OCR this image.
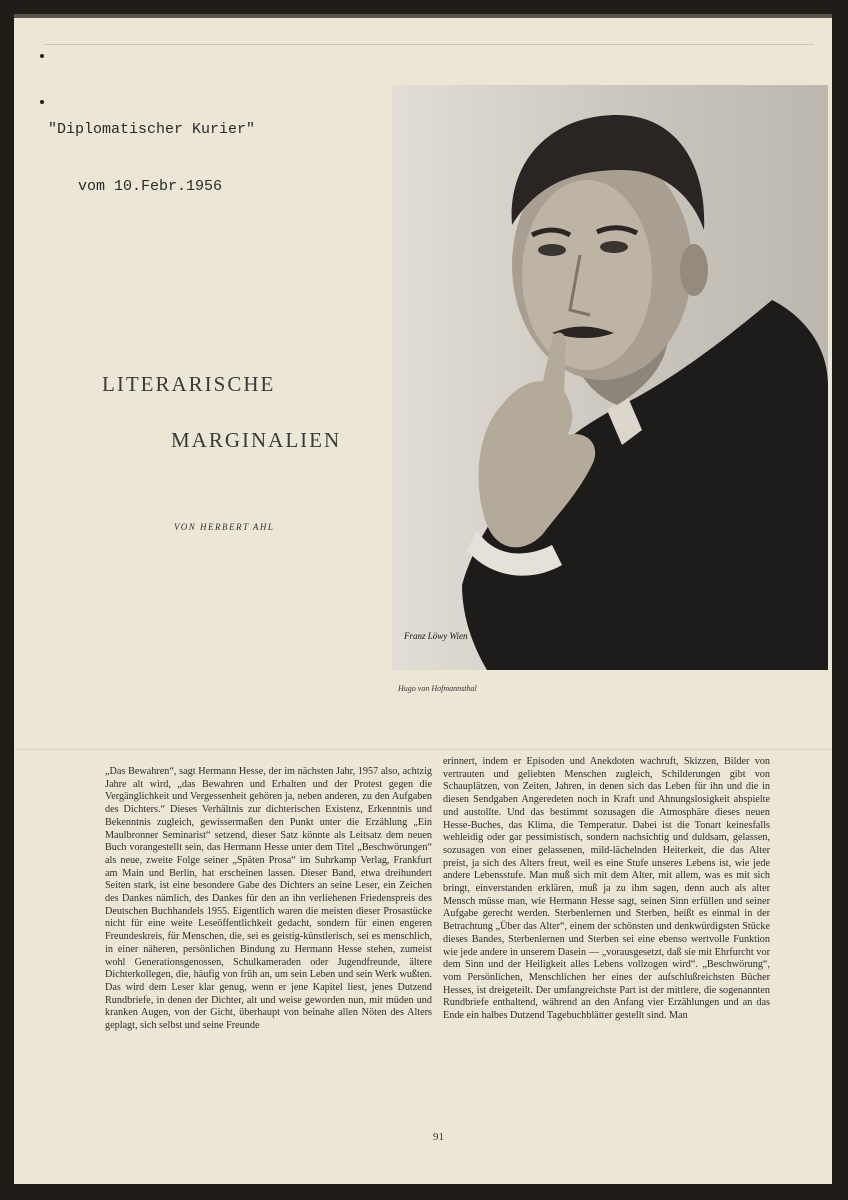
"Diplomatischer Kurier"

vom 10.Febr.1956

LITERARISCHE
MARGINALIEN
VON HERBERT AHL
Franz Löwy Wien
Hugo von Hofmannsthal

„Das Bewahren“, sagt Hermann Hesse, der im nächsten Jahr, 1957 also, achtzig Jahre alt wird, „das Bewahren und Erhalten und der Protest gegen die Vergänglichkeit und Vergessenheit gehören ja, neben anderen, zu den Aufgaben des Dichters.“ Dieses Verhältnis zur dichterischen Existenz, Erkenntnis und Bekenntnis zugleich, gewissermaßen den Punkt unter die Erzählung „Ein Maulbronner Seminarist“ setzend, dieser Satz könnte als Leitsatz dem neuen Buch vorangestellt sein, das Hermann Hesse unter dem Titel „Beschwörungen“ als neue, zweite Folge seiner „Späten Prosa“ im Suhrkamp Verlag, Frankfurt am Main und Berlin, hat erscheinen lassen. Dieser Band, etwa dreihundert Seiten stark, ist eine besondere Gabe des Dichters an seine Leser, ein Zeichen des Dankes nämlich, des Dankes für den an ihn verliehenen Friedenspreis des Deutschen Buchhandels 1955. Eigentlich waren die meisten dieser Prosastücke nicht für eine weite Leseöffentlichkeit gedacht, sondern für einen engeren Freundeskreis, für Menschen, die, sei es geistig-künstlerisch, sei es menschlich, in einer näheren, persönlichen Bindung zu Hermann Hesse stehen, zumeist wohl Generationsgenossen, Schulkameraden oder Jugendfreunde, ältere Dichterkollegen, die, häufig von früh an, um sein Leben und sein Werk wußten. Das wird dem Leser klar genug, wenn er jene Kapitel liest, jenes Dutzend Rundbriefe, in denen der Dichter, alt und weise geworden nun, mit müden und kranken Augen, von der Gicht, überhaupt von beinahe allen Nöten des Alters geplagt, sich selbst und seine Freunde

erinnert, indem er Episoden und Anekdoten wachruft, Skizzen, Bilder von vertrauten und geliebten Menschen zugleich, Schilderungen gibt von Schauplätzen, von Zeiten, Jahren, in denen sich das Leben für ihn und die in diesen Sendgaben Angeredeten noch in Kraft und Ahnungslosigkeit abspielte und austollte. Und das bestimmt sozusagen die Atmosphäre dieses neuen Hesse-Buches, das Klima, die Temperatur. Dabei ist die Tonart keinesfalls wehleidig oder gar pessimistisch, sondern nachsichtig und duldsam, gelassen, sozusagen von einer gelassenen, mild-lächelnden Heiterkeit, die das Alter preist, ja sich des Alters freut, weil es eine Stufe unseres Lebens ist, wie jede andere Lebensstufe. Man muß sich mit dem Alter, mit allem, was es mit sich bringt, einverstanden erklären, muß ja zu ihm sagen, denn auch als alter Mensch müsse man, wie Hermann Hesse sagt, seinen Sinn erfüllen und seiner Aufgabe gerecht werden. Sterbenlernen und Sterben, heißt es einmal in der Betrachtung „Über das Alter“, einem der schönsten und denkwürdigsten Stücke dieses Bandes, Sterbenlernen und Sterben sei eine ebenso wertvolle Funktion wie jede andere in unserem Dasein — „vorausgesetzt, daß sie mit Ehrfurcht vor dem Sinn und der Heiligkeit alles Lebens vollzogen wird“. „Beschwörung“, vom Persönlichen, Menschlichen her eines der aufschlußreichsten Bücher Hesses, ist dreigeteilt. Der umfangreichste Part ist der mittlere, die sogenannten Rundbriefe enthaltend, während an den Anfang vier Erzählungen und an das Ende ein halbes Dutzend Tagebuchblätter gestellt sind. Man

91
